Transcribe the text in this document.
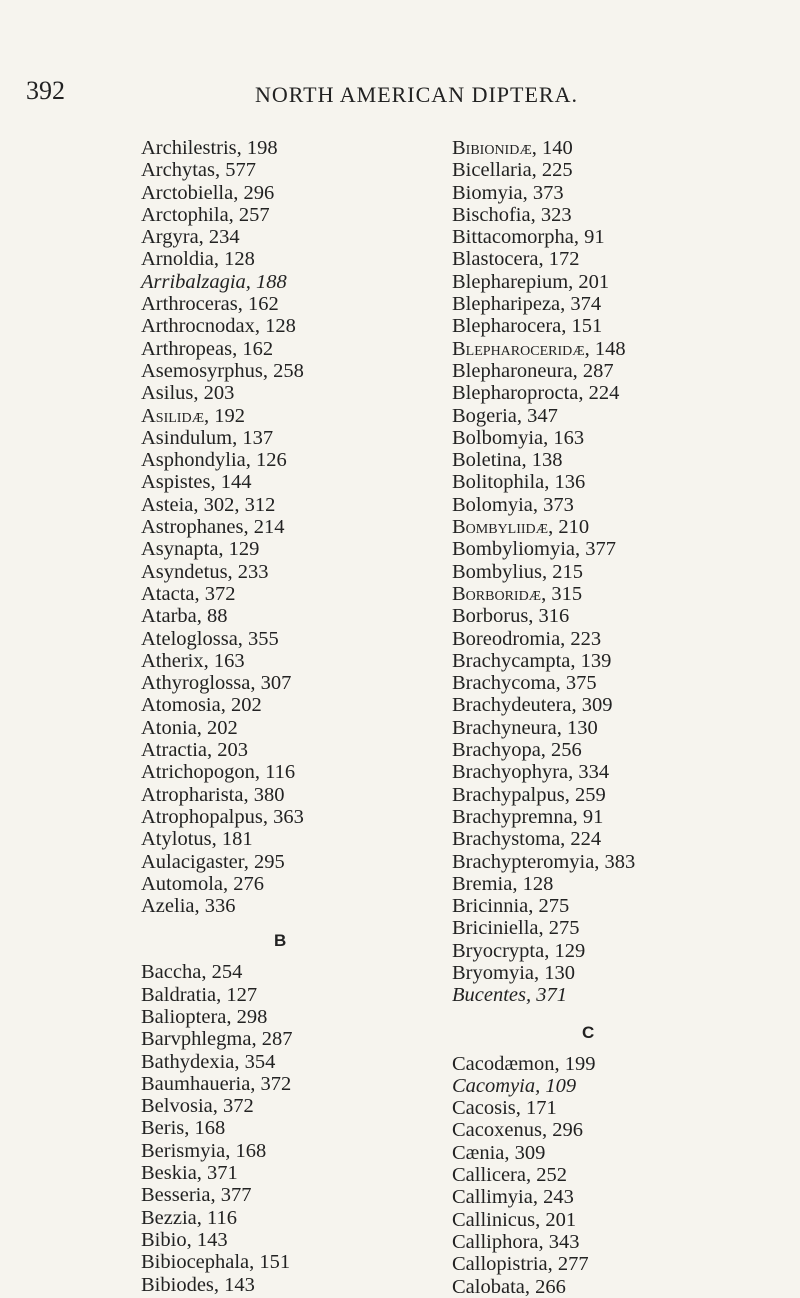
392	NORTH AMERICAN DIPTERA.
Archilestris, 198
Archytas, 577
Arctobiella, 296
Arctophila, 257
Argyra, 234
Arnoldia, 128
Arribalzagia, 188
Arthroceras, 162
Arthrocnodax, 128
Arthropeas, 162
Asemosyrphus, 258
Asilus, 203
Asilidæ, 192
Asindulum, 137
Asphondylia, 126
Aspistes, 144
Asteia, 302, 312
Astrophanes, 214
Asynapta, 129
Asyndetus, 233
Atacta, 372
Atarba, 88
Ateloglossa, 355
Atherix, 163
Athyroglossa, 307
Atomosia, 202
Atonia, 202
Atractia, 203
Atrichopogon, 116
Atropharista, 380
Atrophopalpus, 363
Atylotus, 181
Aulacigaster, 295
Automola, 276
Azelia, 336
B
Baccha, 254
Baldratia, 127
Balioptera, 298
Barvphlegma, 287
Bathydexia, 354
Baumhaueria, 372
Belvosia, 372
Beris, 168
Berismyia, 168
Beskia, 371
Besseria, 377
Bezzia, 116
Bibio, 143
Bibiocephala, 151
Bibiodes, 143
Bibionidæ, 140
Bicellaria, 225
Biomyia, 373
Bischofia, 323
Bittacomorpha, 91
Blastocera, 172
Blepharepium, 201
Blepharipeza, 374
Blepharocera, 151
Blepharoceridæ, 148
Blepharoneura, 287
Blepharoprocta, 224
Bogeria, 347
Bolbomyia, 163
Boletina, 138
Bolitophila, 136
Bolomyia, 373
Bombyliidæ, 210
Bombyliomyia, 377
Bombylius, 215
Borboridæ, 315
Borborus, 316
Boreodromia, 223
Brachycampta, 139
Brachycoma, 375
Brachydeutera, 309
Brachyneura, 130
Brachyopa, 256
Brachyophyra, 334
Brachypalpus, 259
Brachypremna, 91
Brachystoma, 224
Brachypteromyia, 383
Bremia, 128
Bricinnia, 275
Briciniella, 275
Bryocrypta, 129
Bryomyia, 130
Bucentes, 371
C
Cacodæmon, 199
Cacomyia, 109
Cacosis, 171
Cacoxenus, 296
Cænia, 309
Callicera, 252
Callimyia, 243
Callinicus, 201
Calliphora, 343
Callopistria, 277
Calobata, 266
